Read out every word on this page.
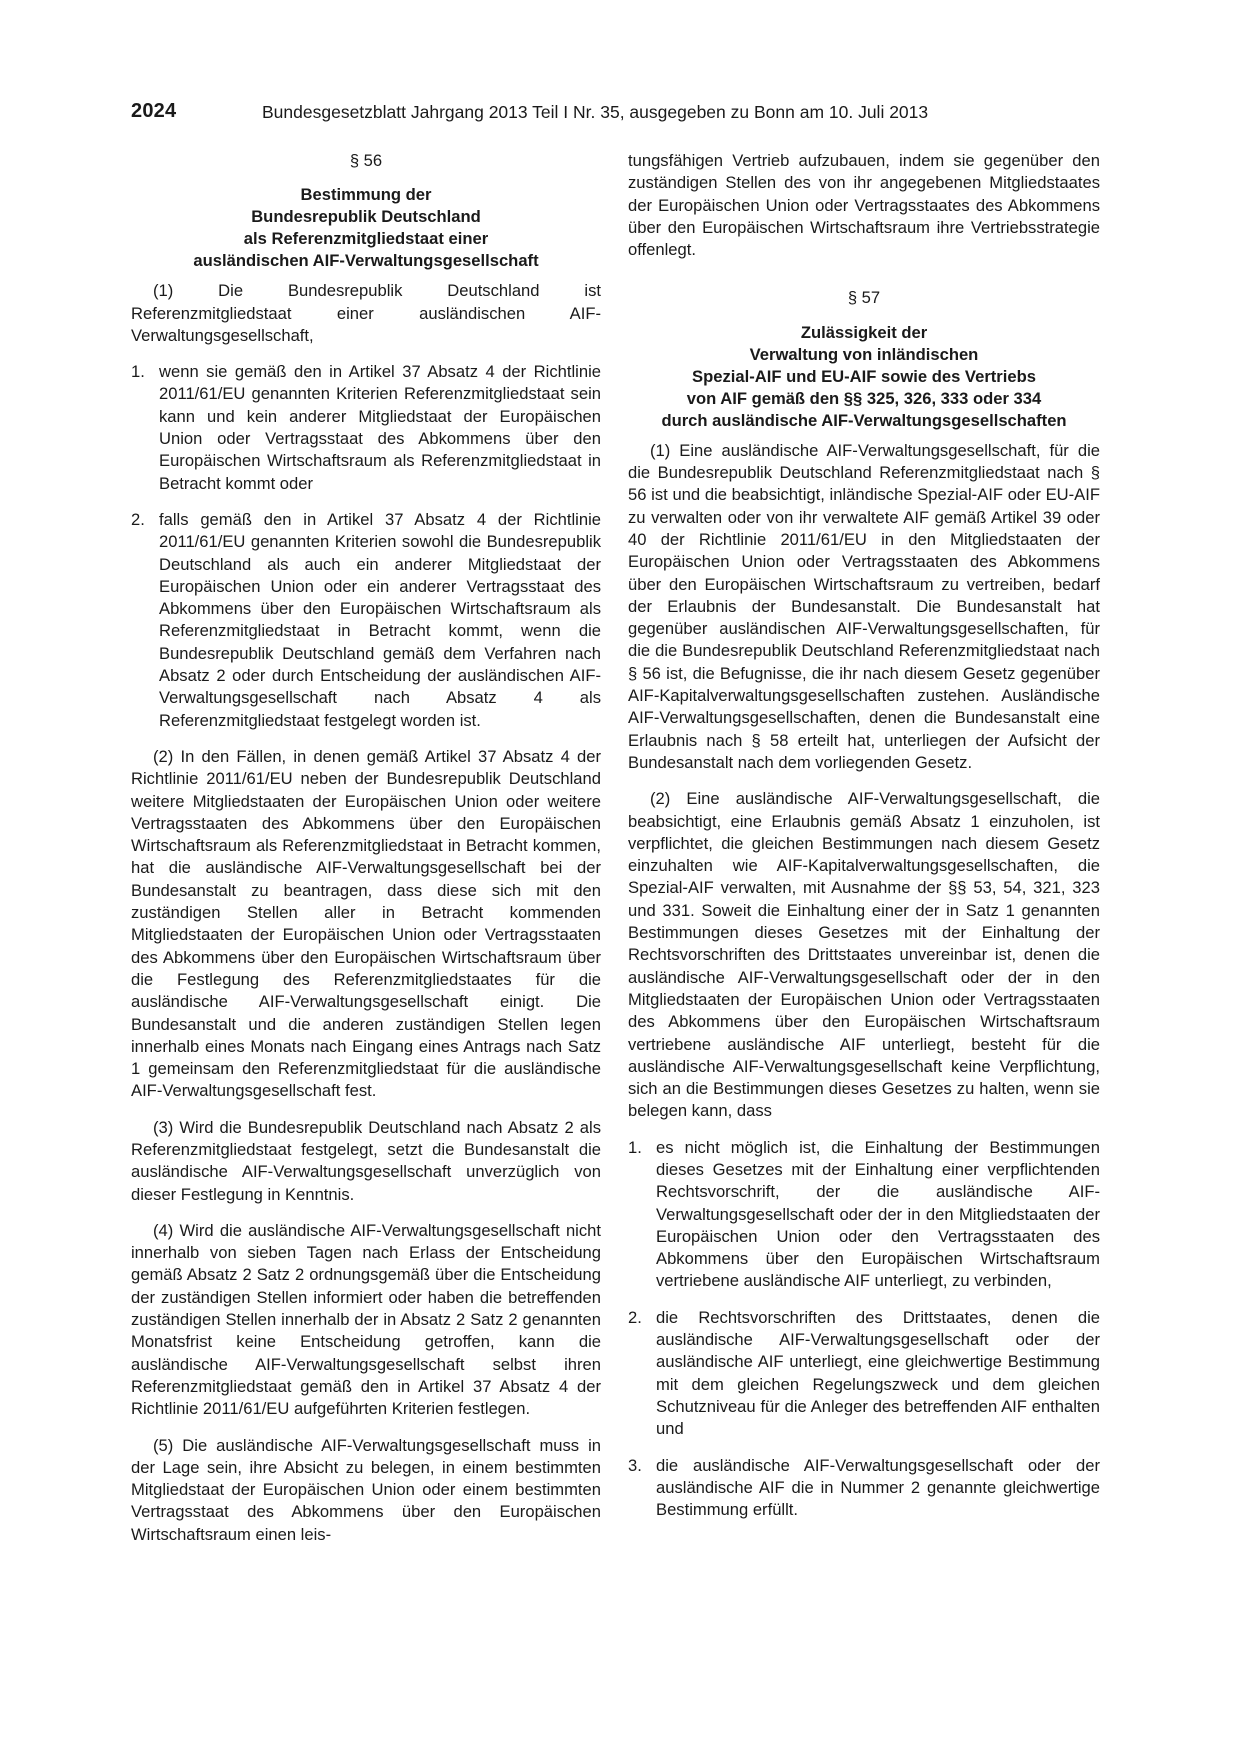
2024	Bundesgesetzblatt Jahrgang 2013 Teil I Nr. 35, ausgegeben zu Bonn am 10. Juli 2013

§ 56

Bestimmung der
Bundesrepublik Deutschland
als Referenzmitgliedstaat einer
ausländischen AIF-Verwaltungsgesellschaft

(1) Die Bundesrepublik Deutschland ist Referenzmitgliedstaat einer ausländischen AIF-Verwaltungsgesellschaft,

1. wenn sie gemäß den in Artikel 37 Absatz 4 der Richtlinie 2011/61/EU genannten Kriterien Referenzmitgliedstaat sein kann und kein anderer Mitgliedstaat der Europäischen Union oder Vertragsstaat des Abkommens über den Europäischen Wirtschaftsraum als Referenzmitgliedstaat in Betracht kommt oder

2. falls gemäß den in Artikel 37 Absatz 4 der Richtlinie 2011/61/EU genannten Kriterien sowohl die Bundesrepublik Deutschland als auch ein anderer Mitgliedstaat der Europäischen Union oder ein anderer Vertragsstaat des Abkommens über den Europäischen Wirtschaftsraum als Referenzmitgliedstaat in Betracht kommt, wenn die Bundesrepublik Deutschland gemäß dem Verfahren nach Absatz 2 oder durch Entscheidung der ausländischen AIF-Verwaltungsgesellschaft nach Absatz 4 als Referenzmitgliedstaat festgelegt worden ist.

(2) In den Fällen, in denen gemäß Artikel 37 Absatz 4 der Richtlinie 2011/61/EU neben der Bundesrepublik Deutschland weitere Mitgliedstaaten der Europäischen Union oder weitere Vertragsstaaten des Abkommens über den Europäischen Wirtschaftsraum als Referenzmitgliedstaat in Betracht kommen, hat die ausländische AIF-Verwaltungsgesellschaft bei der Bundesanstalt zu beantragen, dass diese sich mit den zuständigen Stellen aller in Betracht kommenden Mitgliedstaaten der Europäischen Union oder Vertragsstaaten des Abkommens über den Europäischen Wirtschaftsraum über die Festlegung des Referenzmitgliedstaates für die ausländische AIF-Verwaltungsgesellschaft einigt. Die Bundesanstalt und die anderen zuständigen Stellen legen innerhalb eines Monats nach Eingang eines Antrags nach Satz 1 gemeinsam den Referenzmitgliedstaat für die ausländische AIF-Verwaltungsgesellschaft fest.

(3) Wird die Bundesrepublik Deutschland nach Absatz 2 als Referenzmitgliedstaat festgelegt, setzt die Bundesanstalt die ausländische AIF-Verwaltungsgesellschaft unverzüglich von dieser Festlegung in Kenntnis.

(4) Wird die ausländische AIF-Verwaltungsgesellschaft nicht innerhalb von sieben Tagen nach Erlass der Entscheidung gemäß Absatz 2 Satz 2 ordnungsgemäß über die Entscheidung der zuständigen Stellen informiert oder haben die betreffenden zuständigen Stellen innerhalb der in Absatz 2 Satz 2 genannten Monatsfrist keine Entscheidung getroffen, kann die ausländische AIF-Verwaltungsgesellschaft selbst ihren Referenzmitgliedstaat gemäß den in Artikel 37 Absatz 4 der Richtlinie 2011/61/EU aufgeführten Kriterien festlegen.

(5) Die ausländische AIF-Verwaltungsgesellschaft muss in der Lage sein, ihre Absicht zu belegen, in einem bestimmten Mitgliedstaat der Europäischen Union oder einem bestimmten Vertragsstaat des Abkommens über den Europäischen Wirtschaftsraum einen leis-

tungsfähigen Vertrieb aufzubauen, indem sie gegenüber den zuständigen Stellen des von ihr angegebenen Mitgliedstaates der Europäischen Union oder Vertragsstaates des Abkommens über den Europäischen Wirtschaftsraum ihre Vertriebsstrategie offenlegt.

§ 57

Zulässigkeit der
Verwaltung von inländischen
Spezial-AIF und EU-AIF sowie des Vertriebs
von AIF gemäß den §§ 325, 326, 333 oder 334
durch ausländische AIF-Verwaltungsgesellschaften

(1) Eine ausländische AIF-Verwaltungsgesellschaft, für die die Bundesrepublik Deutschland Referenzmitgliedstaat nach § 56 ist und die beabsichtigt, inländische Spezial-AIF oder EU-AIF zu verwalten oder von ihr verwaltete AIF gemäß Artikel 39 oder 40 der Richtlinie 2011/61/EU in den Mitgliedstaaten der Europäischen Union oder Vertragsstaaten des Abkommens über den Europäischen Wirtschaftsraum zu vertreiben, bedarf der Erlaubnis der Bundesanstalt. Die Bundesanstalt hat gegenüber ausländischen AIF-Verwaltungsgesellschaften, für die die Bundesrepublik Deutschland Referenzmitgliedstaat nach § 56 ist, die Befugnisse, die ihr nach diesem Gesetz gegenüber AIF-Kapitalverwaltungsgesellschaften zustehen. Ausländische AIF-Verwaltungsgesellschaften, denen die Bundesanstalt eine Erlaubnis nach § 58 erteilt hat, unterliegen der Aufsicht der Bundesanstalt nach dem vorliegenden Gesetz.

(2) Eine ausländische AIF-Verwaltungsgesellschaft, die beabsichtigt, eine Erlaubnis gemäß Absatz 1 einzuholen, ist verpflichtet, die gleichen Bestimmungen nach diesem Gesetz einzuhalten wie AIF-Kapitalverwaltungsgesellschaften, die Spezial-AIF verwalten, mit Ausnahme der §§ 53, 54, 321, 323 und 331. Soweit die Einhaltung einer der in Satz 1 genannten Bestimmungen dieses Gesetzes mit der Einhaltung der Rechtsvorschriften des Drittstaates unvereinbar ist, denen die ausländische AIF-Verwaltungsgesellschaft oder der in den Mitgliedstaaten der Europäischen Union oder Vertragsstaaten des Abkommens über den Europäischen Wirtschaftsraum vertriebene ausländische AIF unterliegt, besteht für die ausländische AIF-Verwaltungsgesellschaft keine Verpflichtung, sich an die Bestimmungen dieses Gesetzes zu halten, wenn sie belegen kann, dass

1. es nicht möglich ist, die Einhaltung der Bestimmungen dieses Gesetzes mit der Einhaltung einer verpflichtenden Rechtsvorschrift, der die ausländische AIF-Verwaltungsgesellschaft oder der in den Mitgliedstaaten der Europäischen Union oder den Vertragsstaaten des Abkommens über den Europäischen Wirtschaftsraum vertriebene ausländische AIF unterliegt, zu verbinden,

2. die Rechtsvorschriften des Drittstaates, denen die ausländische AIF-Verwaltungsgesellschaft oder der ausländische AIF unterliegt, eine gleichwertige Bestimmung mit dem gleichen Regelungszweck und dem gleichen Schutzniveau für die Anleger des betreffenden AIF enthalten und

3. die ausländische AIF-Verwaltungsgesellschaft oder der ausländische AIF die in Nummer 2 genannte gleichwertige Bestimmung erfüllt.
